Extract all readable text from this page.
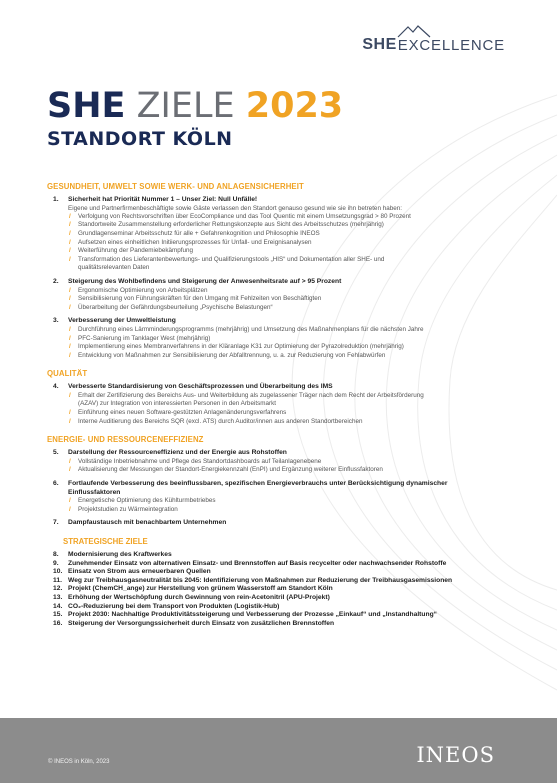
SHE EXCELLENCE
SHE ZIELE 2023
STANDORT KÖLN
GESUNDHEIT, UMWELT SOWIE WERK- UND ANLAGENSICHERHEIT
1. Sicherheit hat Priorität Nummer 1 – Unser Ziel: Null Unfälle!
Eigene und Partnerfirmenbeschäftigte sowie Gäste verlassen den Standort genauso gesund wie sie ihn betreten haben:
/ Verfolgung von Rechtsvorschriften über EcoCompliance und das Tool Quentic mit einem Umsetzungsgrad > 80 Prozent
/ Standortweite Zusammenstellung erforderlicher Rettungskonzepte aus Sicht des Arbeitsschutzes (mehrjährig)
/ Grundlagenseminar Arbeitsschutz für alle + Gefahrenkognition und Philosophie INEOS
/ Aufsetzen eines einheitlichen Initiierungsprozesses für Unfall- und Ereignisanalysen
/ Weiterführung der Pandemiebekämpfung
/ Transformation des Lieferantenbewertungs- und Qualifizierungstools „HIS“ und Dokumentation aller SHE- und
qualitätsrelevanten Daten
2. Steigerung des Wohlbefindens und Steigerung der Anwesenheitsrate auf > 95 Prozent
/ Ergonomische Optimierung von Arbeitsplätzen
/ Sensibilisierung von Führungskräften für den Umgang mit Fehlzeiten von Beschäftigten
/ Überarbeitung der Gefährdungsbeurteilung „Psychische Belastungen“
3. Verbesserung der Umweltleistung
/ Durchführung eines Lärmminderungsprogramms (mehrjährig) und Umsetzung des Maßnahmenplans für die nächsten Jahre
/ PFC-Sanierung im Tanklager West (mehrjährig)
/ Implementierung eines Membranverfahrens in der Kläranlage K31 zur Optimierung der Pyrazolreduktion (mehrjährig)
/ Entwicklung von Maßnahmen zur Sensibilisierung der Abfalltrennung, u. a. zur Reduzierung von Fehlabwürfen
QUALITÄT
4. Verbesserte Standardisierung von Geschäftsprozessen und Überarbeitung des IMS
/ Erhalt der Zertifizierung des Bereichs Aus- und Weiterbildung als zugelassener Träger nach dem Recht der Arbeitsförderung
(AZAV) zur Integration von interessierten Personen in den Arbeitsmarkt
/ Einführung eines neuen Software-gestützten Anlagenänderungsverfahrens
/ Interne Auditierung des Bereichs SQR (excl. ATS) durch Auditor/innen aus anderen Standortbereichen
ENERGIE- UND RESSOURCENEFFIZIENZ
5. Darstellung der Ressourceneffizienz und der Energie aus Rohstoffen
/ Vollständige Inbetriebnahme und Pflege des Standortdashboards auf Teilanlagenebene
/ Aktualisierung der Messungen der Standort-Energiekennzahl (EnPI) und Ergänzung weiterer Einflussfaktoren
6. Fortlaufende Verbesserung des beeinflussbaren, spezifischen Energieverbrauchs unter Berücksichtigung dynamischer
Einflussfaktoren
/ Energetische Optimierung des Kühlturmbetriebes
/ Projektstudien zu Wärmeintegration
7. Dampfaustausch mit benachbartem Unternehmen
STRATEGISCHE ZIELE
8. Modernisierung des Kraftwerkes
9. Zunehmender Einsatz von alternativen Einsatz- und Brennstoffen auf Basis recycelter oder nachwachsender Rohstoffe
10. Einsatz von Strom aus erneuerbaren Quellen
11. Weg zur Treibhausgasneutralität bis 2045: Identifizierung von Maßnahmen zur Reduzierung der Treibhausgasemissionen
12. Projekt (ChemCH_ange) zur Herstellung von grünem Wasserstoff am Standort Köln
13. Erhöhung der Wertschöpfung durch Gewinnung von rein-Acetonitril (APU-Projekt)
14. CO₂-Reduzierung bei dem Transport von Produkten (Logistik-Hub)
15. Projekt 2030: Nachhaltige Produktivitätssteigerung und Verbesserung der Prozesse „Einkauf“ und „Instandhaltung“
16. Steigerung der Versorgungssicherheit durch Einsatz von zusätzlichen Brennstoffen
© INEOS in Köln, 2023	INEOS
